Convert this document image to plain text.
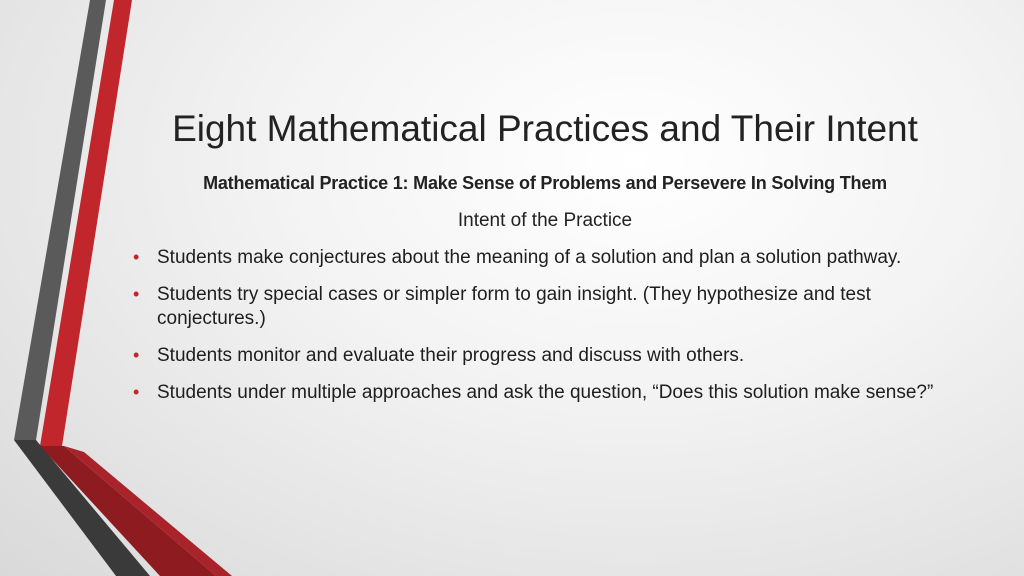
Eight Mathematical Practices and Their Intent
Mathematical Practice 1: Make Sense of Problems and Persevere In Solving Them
Intent of the Practice
• Students make conjectures about the meaning of a solution and plan a solution pathway.
• Students try special cases or simpler form to gain insight. (They hypothesize and test conjectures.)
• Students monitor and evaluate their progress and discuss with others.
• Students under multiple approaches and ask the question, “Does this solution make sense?”
